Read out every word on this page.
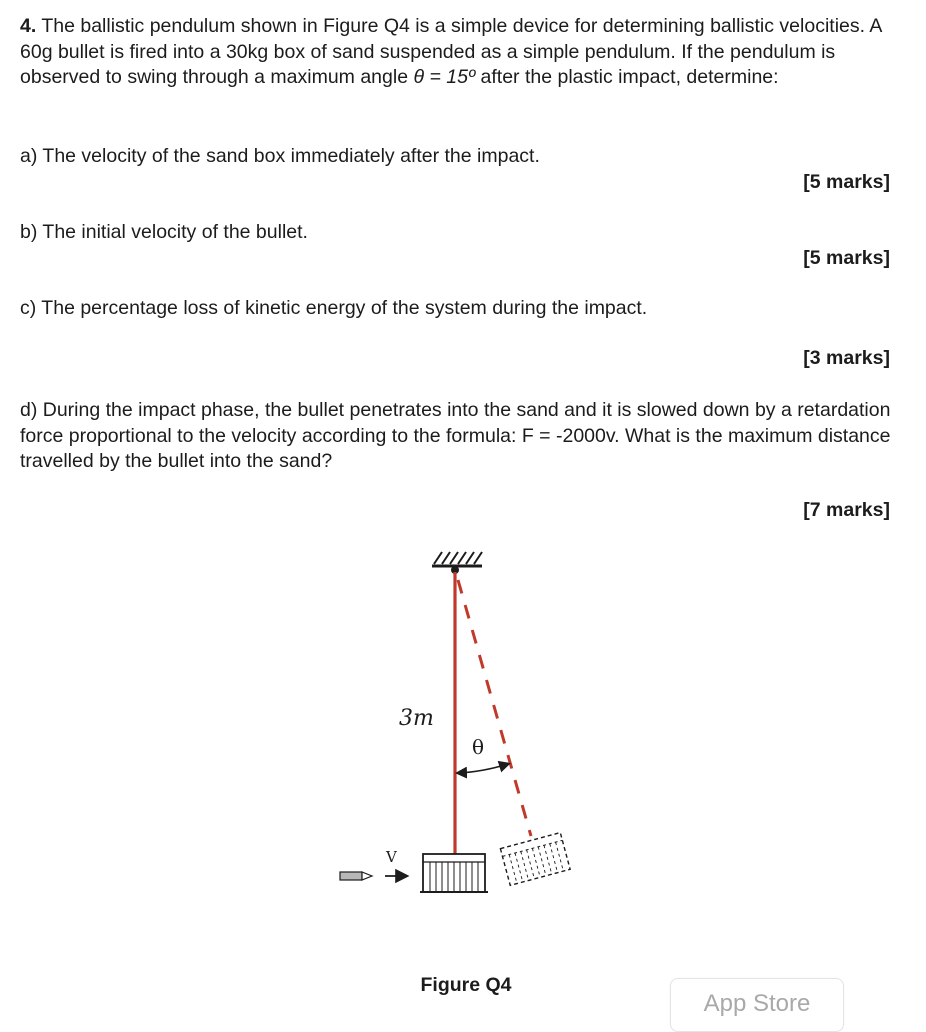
4. The ballistic pendulum shown in Figure Q4 is a simple device for determining ballistic velocities. A 60g bullet is fired into a 30kg box of sand suspended as a simple pendulum. If the pendulum is observed to swing through a maximum angle θ = 15º after the plastic impact, determine:

a) The velocity of the sand box immediately after the impact.

[5 marks]

b) The initial velocity of the bullet.

[5 marks]

c) The percentage loss of kinetic energy of the system during the impact.

[3 marks]

d) During the impact phase, the bullet penetrates into the sand and it is slowed down by a retardation force proportional to the velocity according to the formula: F = -2000v. What is the maximum distance travelled by the bullet into the sand?

[7 marks]
3m
θ
V
Figure Q4
App Store
